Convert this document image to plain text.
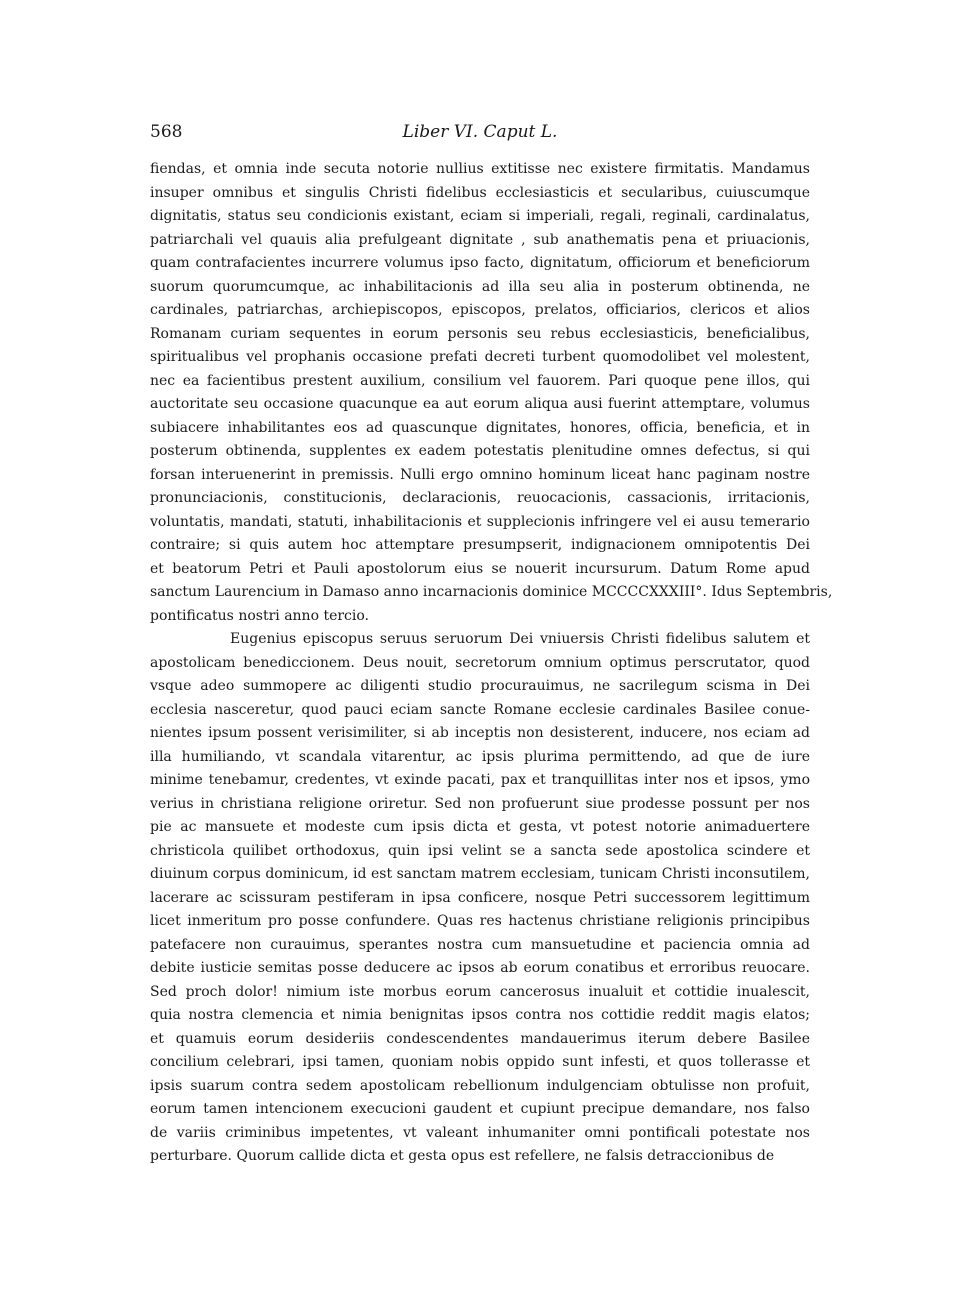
568	Liber VI. Caput L.
fiendas, et omnia inde secuta notorie nullius extitisse nec existere firmitatis. Mandamus
insuper omnibus et singulis Christi fidelibus ecclesiasticis et secularibus, cuiuscumque
dignitatis, status seu condicionis existant, eciam si imperiali, regali, reginali, cardinalatus,
patriarchali vel quauis alia prefulgeant dignitate , sub anathematis pena et priuacionis,
quam contrafacientes incurrere volumus ipso facto, dignitatum, officiorum et beneficiorum
suorum quorumcumque, ac inhabilitacionis ad illa seu alia in posterum obtinenda, ne
cardinales, patriarchas, archiepiscopos, episcopos, prelatos, officiarios, clericos et alios
Romanam curiam sequentes in eorum personis seu rebus ecclesiasticis, beneficialibus,
spiritualibus vel prophanis occasione prefati decreti turbent quomodolibet vel molestent,
nec ea facientibus prestent auxilium, consilium vel fauorem. Pari quoque pene illos, qui
auctoritate seu occasione quacunque ea aut eorum aliqua ausi fuerint attemptare, volumus
subiacere inhabilitantes eos ad quascunque dignitates, honores, officia, beneficia, et in
posterum obtinenda, supplentes ex eadem potestatis plenitudine omnes defectus, si qui
forsan interuenerint in premissis. Nulli ergo omnino hominum liceat hanc paginam nostre
pronunciacionis, constitucionis, declaracionis, reuocacionis, cassacionis, irritacionis,
voluntatis, mandati, statuti, inhabilitacionis et supplecionis infringere vel ei ausu temerario
contraire; si quis autem hoc attemptare presumpserit, indignacionem omnipotentis Dei
et beatorum Petri et Pauli apostolorum eius se nouerit incursurum. Datum Rome apud
sanctum Laurencium in Damaso anno incarnacionis dominice MCCCCXXXIII°. Idus Septembris,
pontificatus nostri anno tercio.
Eugenius episcopus seruus seruorum Dei vniuersis Christi fidelibus salutem et
apostolicam benediccionem. Deus nouit, secretorum omnium optimus perscrutator, quod
vsque adeo summopere ac diligenti studio procurauimus, ne sacrilegum scisma in Dei
ecclesia nasceretur, quod pauci eciam sancte Romane ecclesie cardinales Basilee conue-
nientes ipsum possent verisimiliter, si ab inceptis non desisterent, inducere, nos eciam ad
illa humiliando, vt scandala vitarentur, ac ipsis plurima permittendo, ad que de iure
minime tenebamur, credentes, vt exinde pacati, pax et tranquillitas inter nos et ipsos, ymo
verius in christiana religione oriretur. Sed non profuerunt siue prodesse possunt per nos
pie ac mansuete et modeste cum ipsis dicta et gesta, vt potest notorie animaduertere
christicola quilibet orthodoxus, quin ipsi velint se a sancta sede apostolica scindere et
diuinum corpus dominicum, id est sanctam matrem ecclesiam, tunicam Christi inconsutilem,
lacerare ac scissuram pestiferam in ipsa conficere, nosque Petri successorem legittimum
licet inmeritum pro posse confundere. Quas res hactenus christiane religionis principibus
patefacere non curauimus, sperantes nostra cum mansuetudine et paciencia omnia ad
debite iusticie semitas posse deducere ac ipsos ab eorum conatibus et erroribus reuocare.
Sed proch dolor! nimium iste morbus eorum cancerosus inualuit et cottidie inualescit,
quia nostra clemencia et nimia benignitas ipsos contra nos cottidie reddit magis elatos;
et quamuis eorum desideriis condescendentes mandauerimus iterum debere Basilee
concilium celebrari, ipsi tamen, quoniam nobis oppido sunt infesti, et quos tollerasse et
ipsis suarum contra sedem apostolicam rebellionum indulgenciam obtulisse non profuit,
eorum tamen intencionem execucioni gaudent et cupiunt precipue demandare, nos falso
de variis criminibus impetentes, vt valeant inhumaniter omni pontificali potestate nos
perturbare. Quorum callide dicta et gesta opus est refellere, ne falsis detraccionibus de
